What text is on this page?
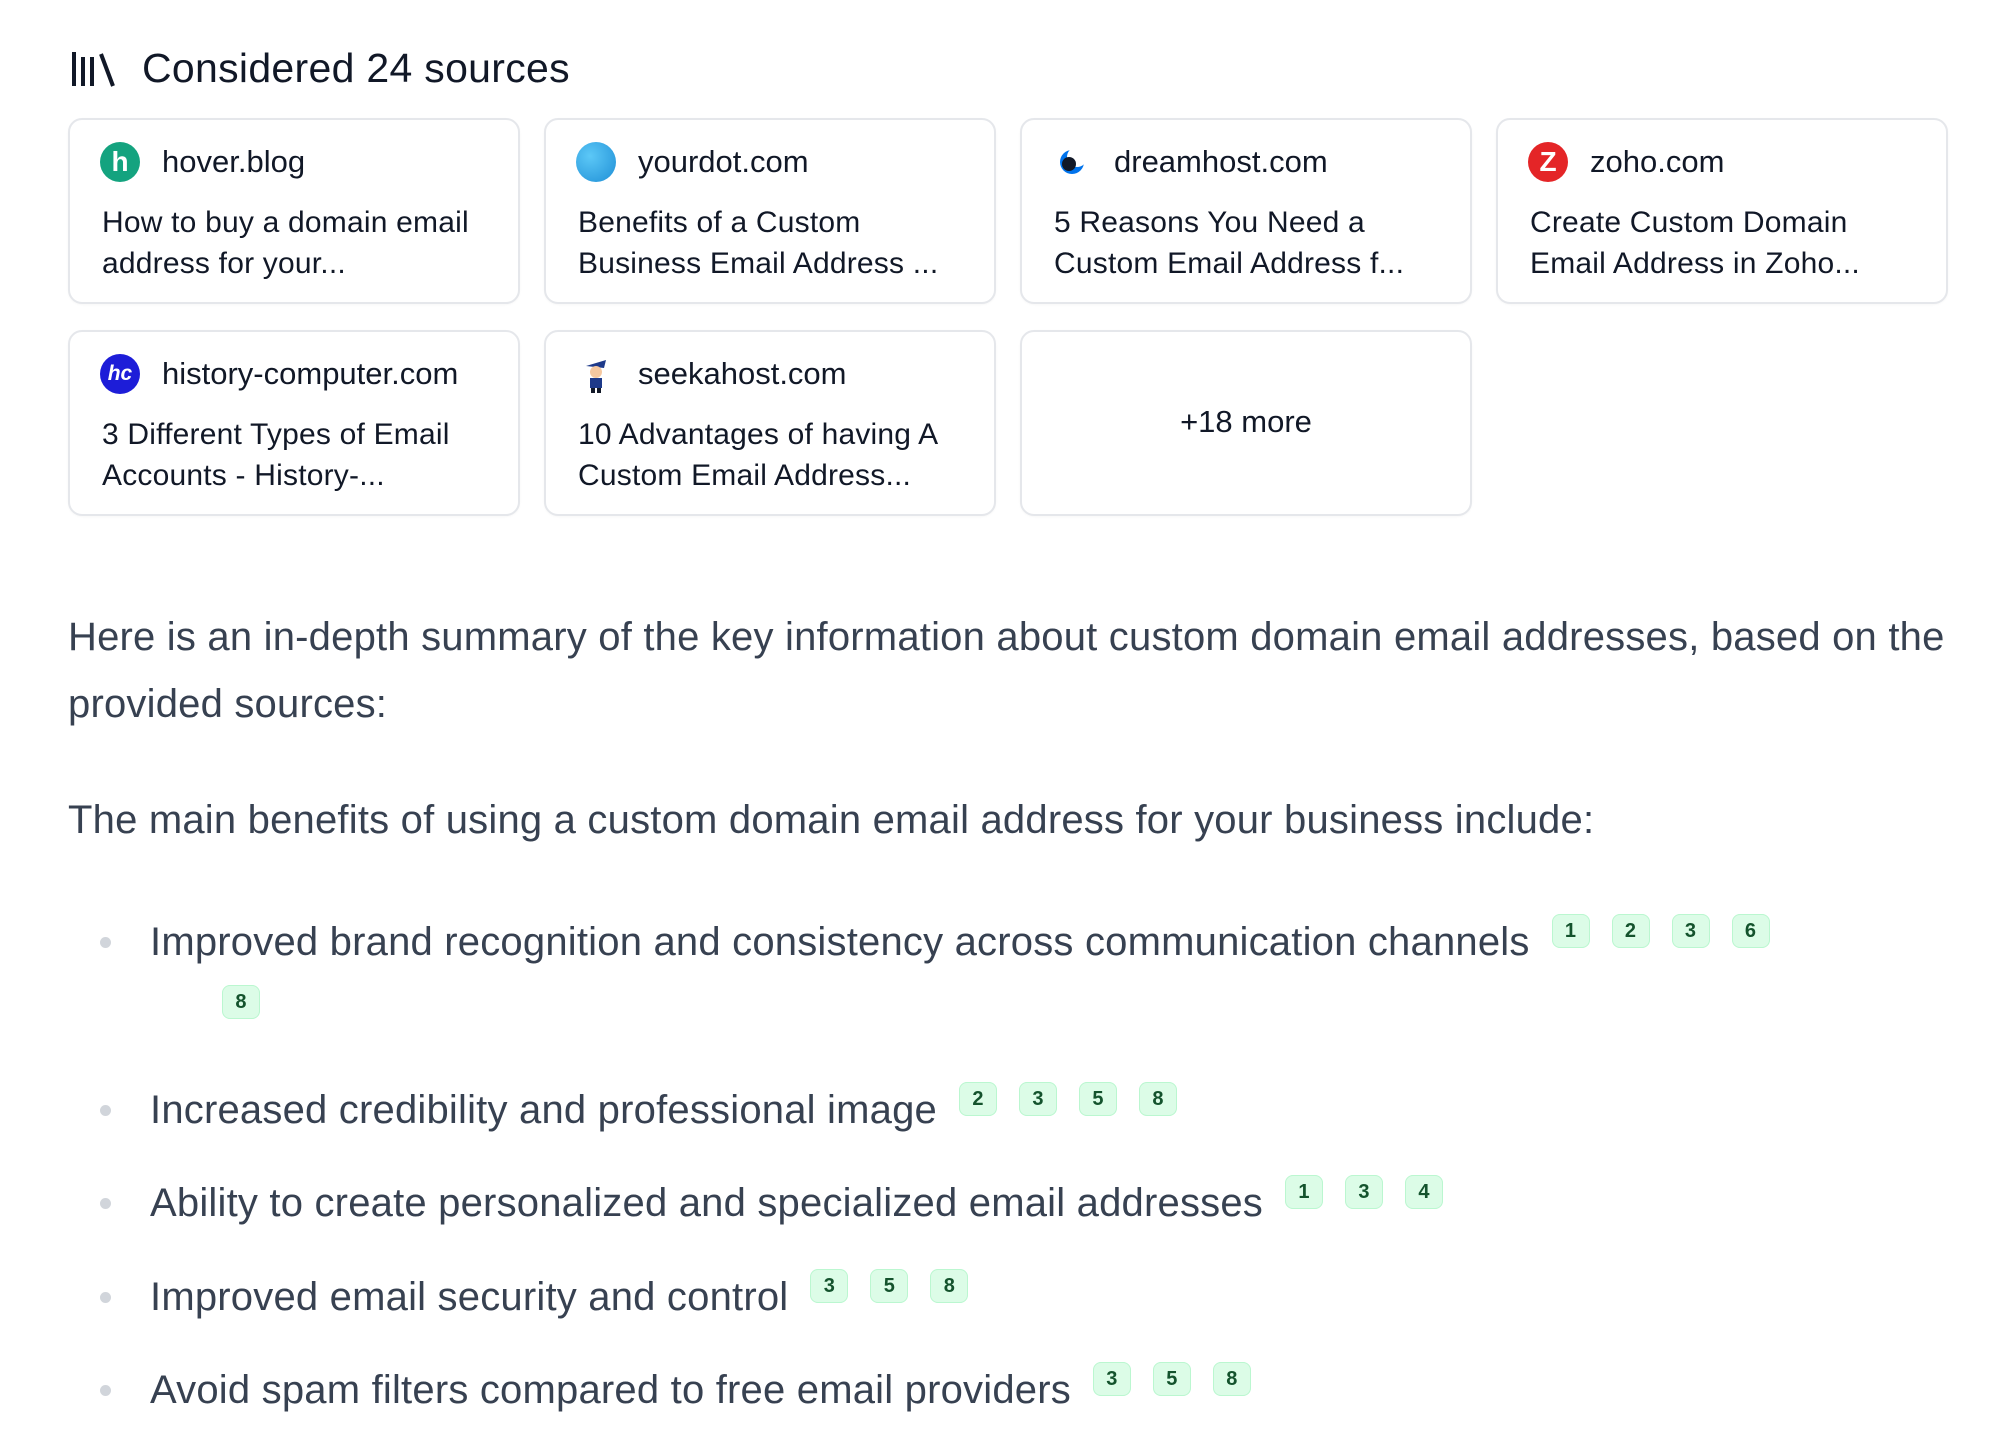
Considered 24 sources
h hover.blog
How to buy a domain email address for your...
yourdot.com
Benefits of a Custom Business Email Address ...
dreamhost.com
5 Reasons You Need a Custom Email Address f...
Z zoho.com
Create Custom Domain Email Address in Zoho...
hc history-computer.com
3 Different Types of Email Accounts - History-...
seekahost.com
10 Advantages of having A Custom Email Address...
+18 more
Here is an in-depth summary of the key information about custom domain email addresses, based on the provided sources:
The main benefits of using a custom domain email address for your business include:
Improved brand recognition and consistency across communication channels 1 2 3 6
8
Increased credibility and professional image 2 3 5 8
Ability to create personalized and specialized email addresses 1 3 4
Improved email security and control 3 5 8
Avoid spam filters compared to free email providers 3 5 8
